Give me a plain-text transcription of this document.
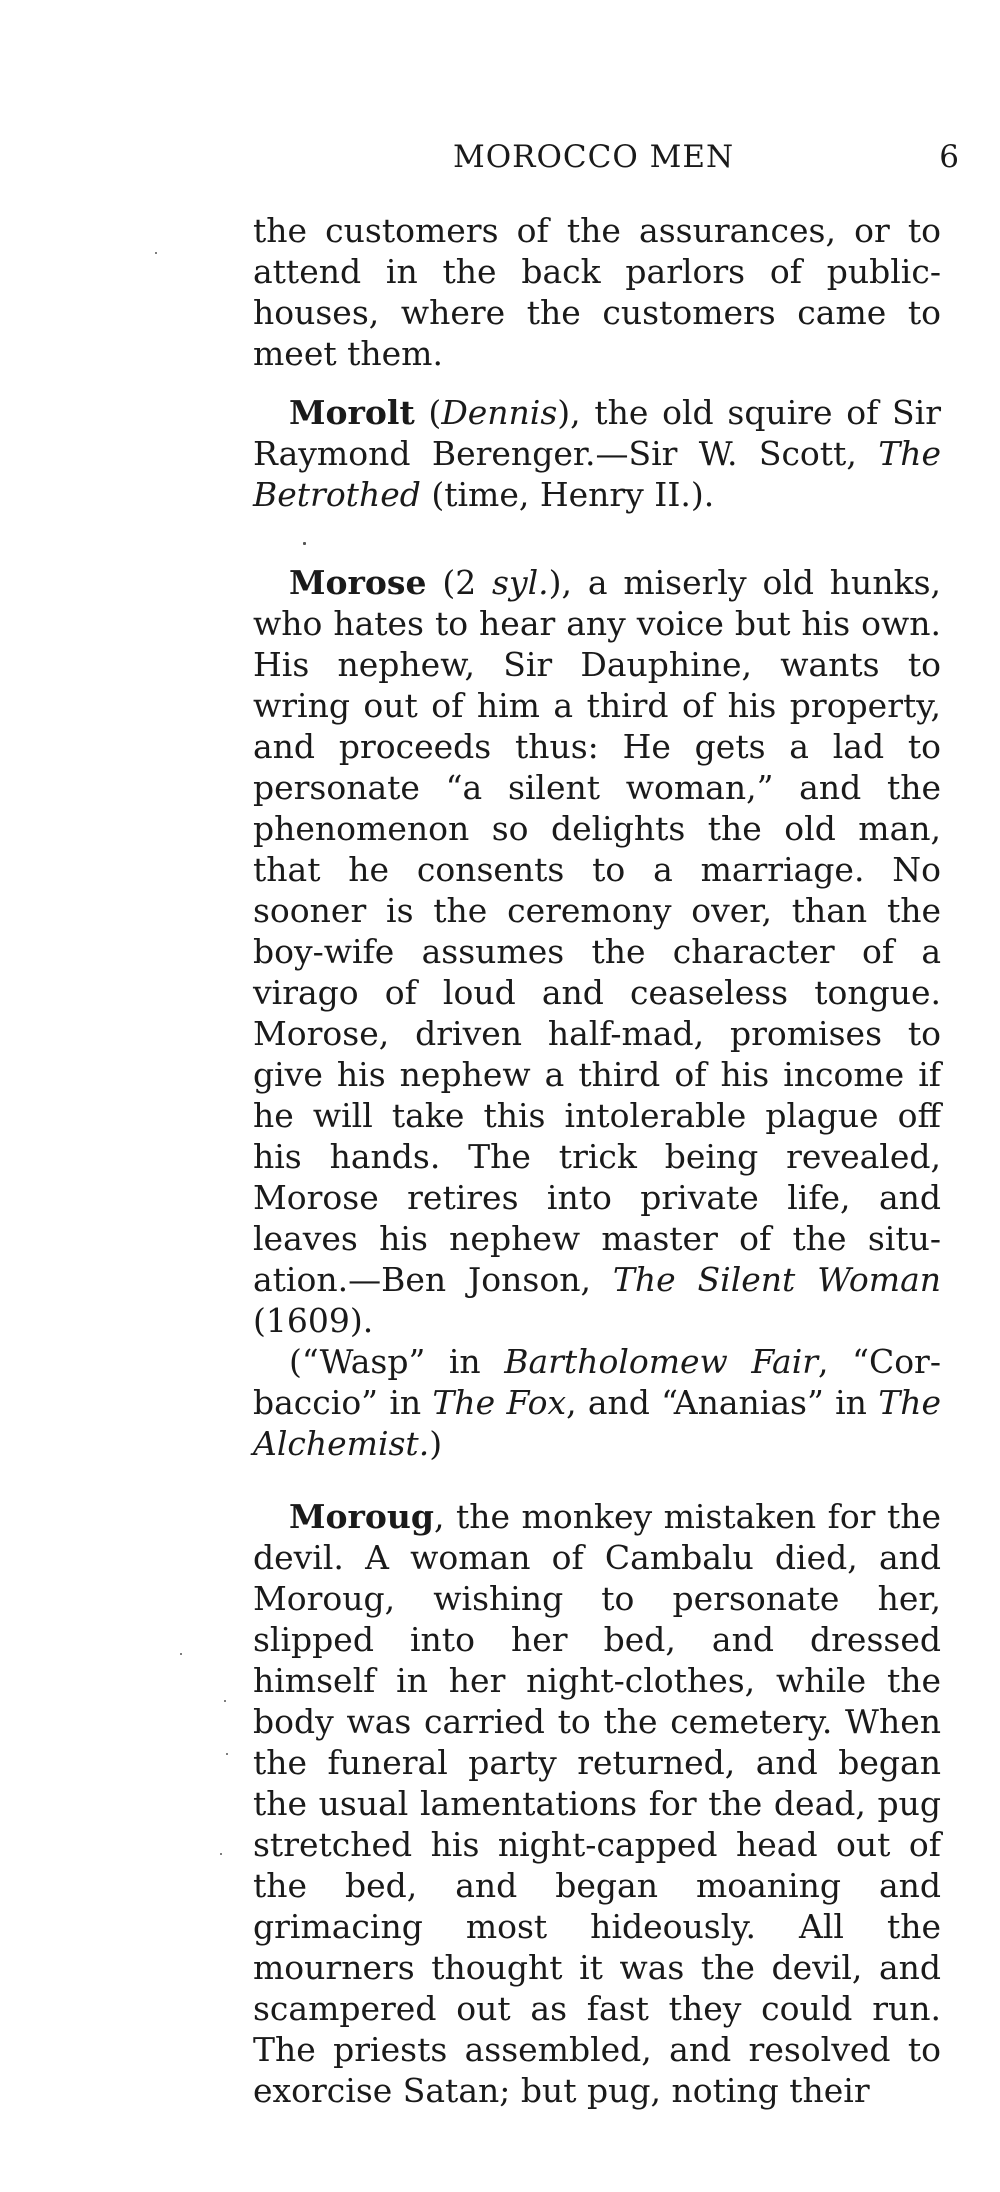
MOROCCO MEN	6

the customers of the assurances, or to attend in the back parlors of public-houses, where the customers came to meet them.

Morolt (Dennis), the old squire of Sir Raymond Berenger.—Sir W. Scott, The Betrothed (time, Henry II.).

Morose (2 syl.), a miserly old hunks, who hates to hear any voice but his own. His nephew, Sir Dauphine, wants to wring out of him a third of his property, and proceeds thus: He gets a lad to personate “a silent woman,” and the phenomenon so delights the old man, that he consents to a marriage. No sooner is the ceremony over, than the boy-wife assumes the character of a virago of loud and ceaseless tongue. Morose, driven half-mad, promises to give his nephew a third of his income if he will take this intolerable plague off his hands. The trick being revealed, Morose retires into private life, and leaves his nephew master of the situation.—Ben Jonson, The Silent Woman (1609).

(“Wasp” in Bartholomew Fair, “Corbaccio” in The Fox, and “Ananias” in The Alchemist.)

Moroug, the monkey mistaken for the devil. A woman of Cambalu died, and Moroug, wishing to personate her, slipped into her bed, and dressed himself in her night-clothes, while the body was carried to the cemetery. When the funeral party returned, and began the usual lamentations for the dead, pug stretched his night-capped head out of the bed, and began moaning and grimacing most hideously. All the mourners thought it was the devil, and scampered out as fast they could run. The priests assembled, and resolved to exorcise Satan; but pug, noting their
